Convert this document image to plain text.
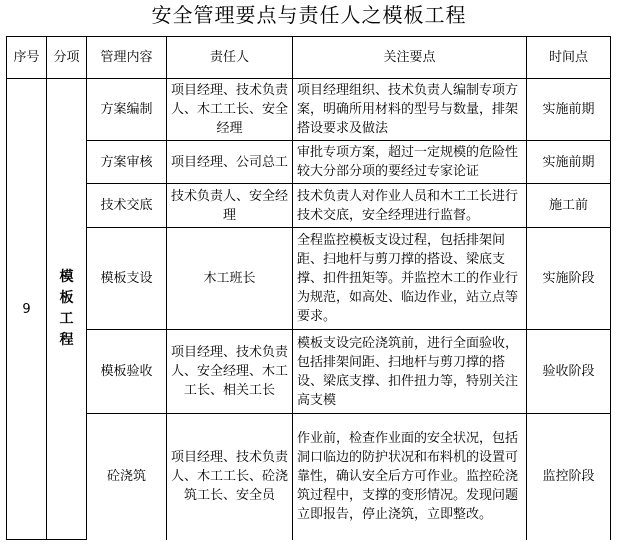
安全管理要点与责任人之模板工程
序号	分项	管理内容	责任人	关注要点	时间点
9	模板工程	方案编制	项目经理、技术负责人、木工工长、安全经理	项目经理组织、技术负责人编制专项方案，明确所用材料的型号与数量，排架搭设要求及做法	实施前期
		方案审核	项目经理、公司总工	审批专项方案，超过一定规模的危险性较大分部分项的要经过专家论证	实施前期
		技术交底	技术负责人、安全经理	技术负责人对作业人员和木工工长进行技术交底，安全经理进行监督。	施工前
		模板支设	木工班长	全程监控模板支设过程，包括排架间距、扫地杆与剪刀撑的搭设、梁底支撑、扣件扭矩等。并监控木工的作业行为规范，如高处、临边作业，站立点等要求。	实施阶段
		模板验收	项目经理、技术负责人、安全经理、木工工长、相关工长	模板支设完砼浇筑前，进行全面验收，包括排架间距、扫地杆与剪刀撑的搭设、梁底支撑、扣件扭力等，特别关注高支模	验收阶段
		砼浇筑	项目经理、技术负责人、木工工长、砼浇筑工长、安全员	作业前，检查作业面的安全状况，包括洞口临边的防护状况和布料机的设置可靠性，确认安全后方可作业。监控砼浇筑过程中，支撑的变形情况。发现问题立即报告，停止浇筑，立即整改。	监控阶段
